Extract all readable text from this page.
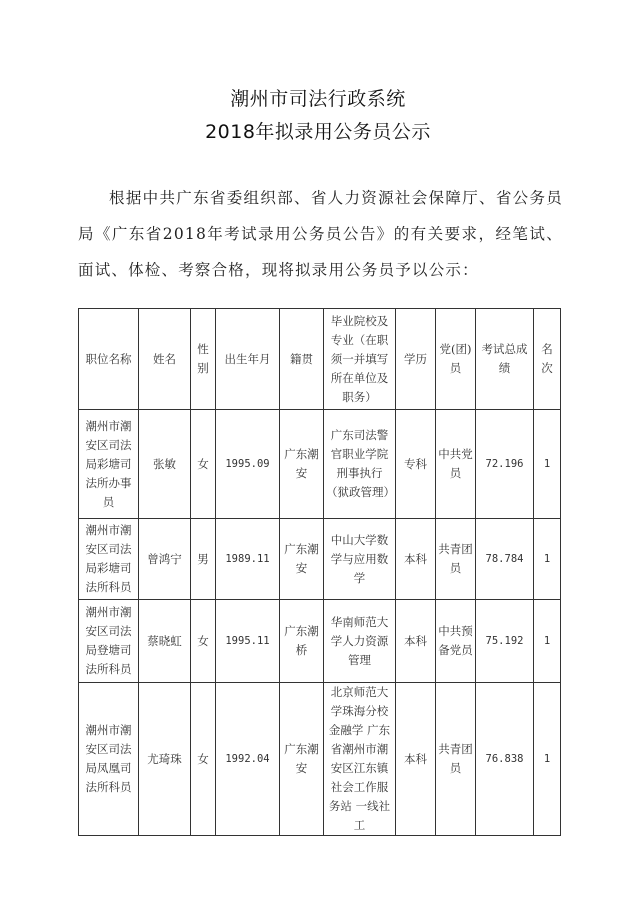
潮州市司法行政系统
2018年拟录用公务员公示
根据中共广东省委组织部、省人力资源社会保障厅、省公务员局《广东省2018年考试录用公务员公告》的有关要求，经笔试、面试、体检、考察合格，现将拟录用公务员予以公示：
职位名称	姓名	性别	出生年月	籍贯	毕业院校及专业（在职须一并填写所在单位及职务）	学历	党(团)员	考试总成绩	名次
潮州市潮安区司法局彩塘司法所办事员	张敏	女	1995.09	广东潮安	广东司法警官职业学院刑事执行（狱政管理）	专科	中共党员	72.196	1
潮州市潮安区司法局彩塘司法所科员	曾鸿宁	男	1989.11	广东潮安	中山大学数学与应用数学	本科	共青团员	78.784	1
潮州市潮安区司法局登塘司法所科员	蔡晓虹	女	1995.11	广东潮桥	华南师范大学人力资源管理	本科	中共预备党员	75.192	1
潮州市潮安区司法局凤凰司法所科员	尤琦珠	女	1992.04	广东潮安	北京师范大学珠海分校金融学 广东省潮州市潮安区江东镇社会工作服务站 一线社工	本科	共青团员	76.838	1
